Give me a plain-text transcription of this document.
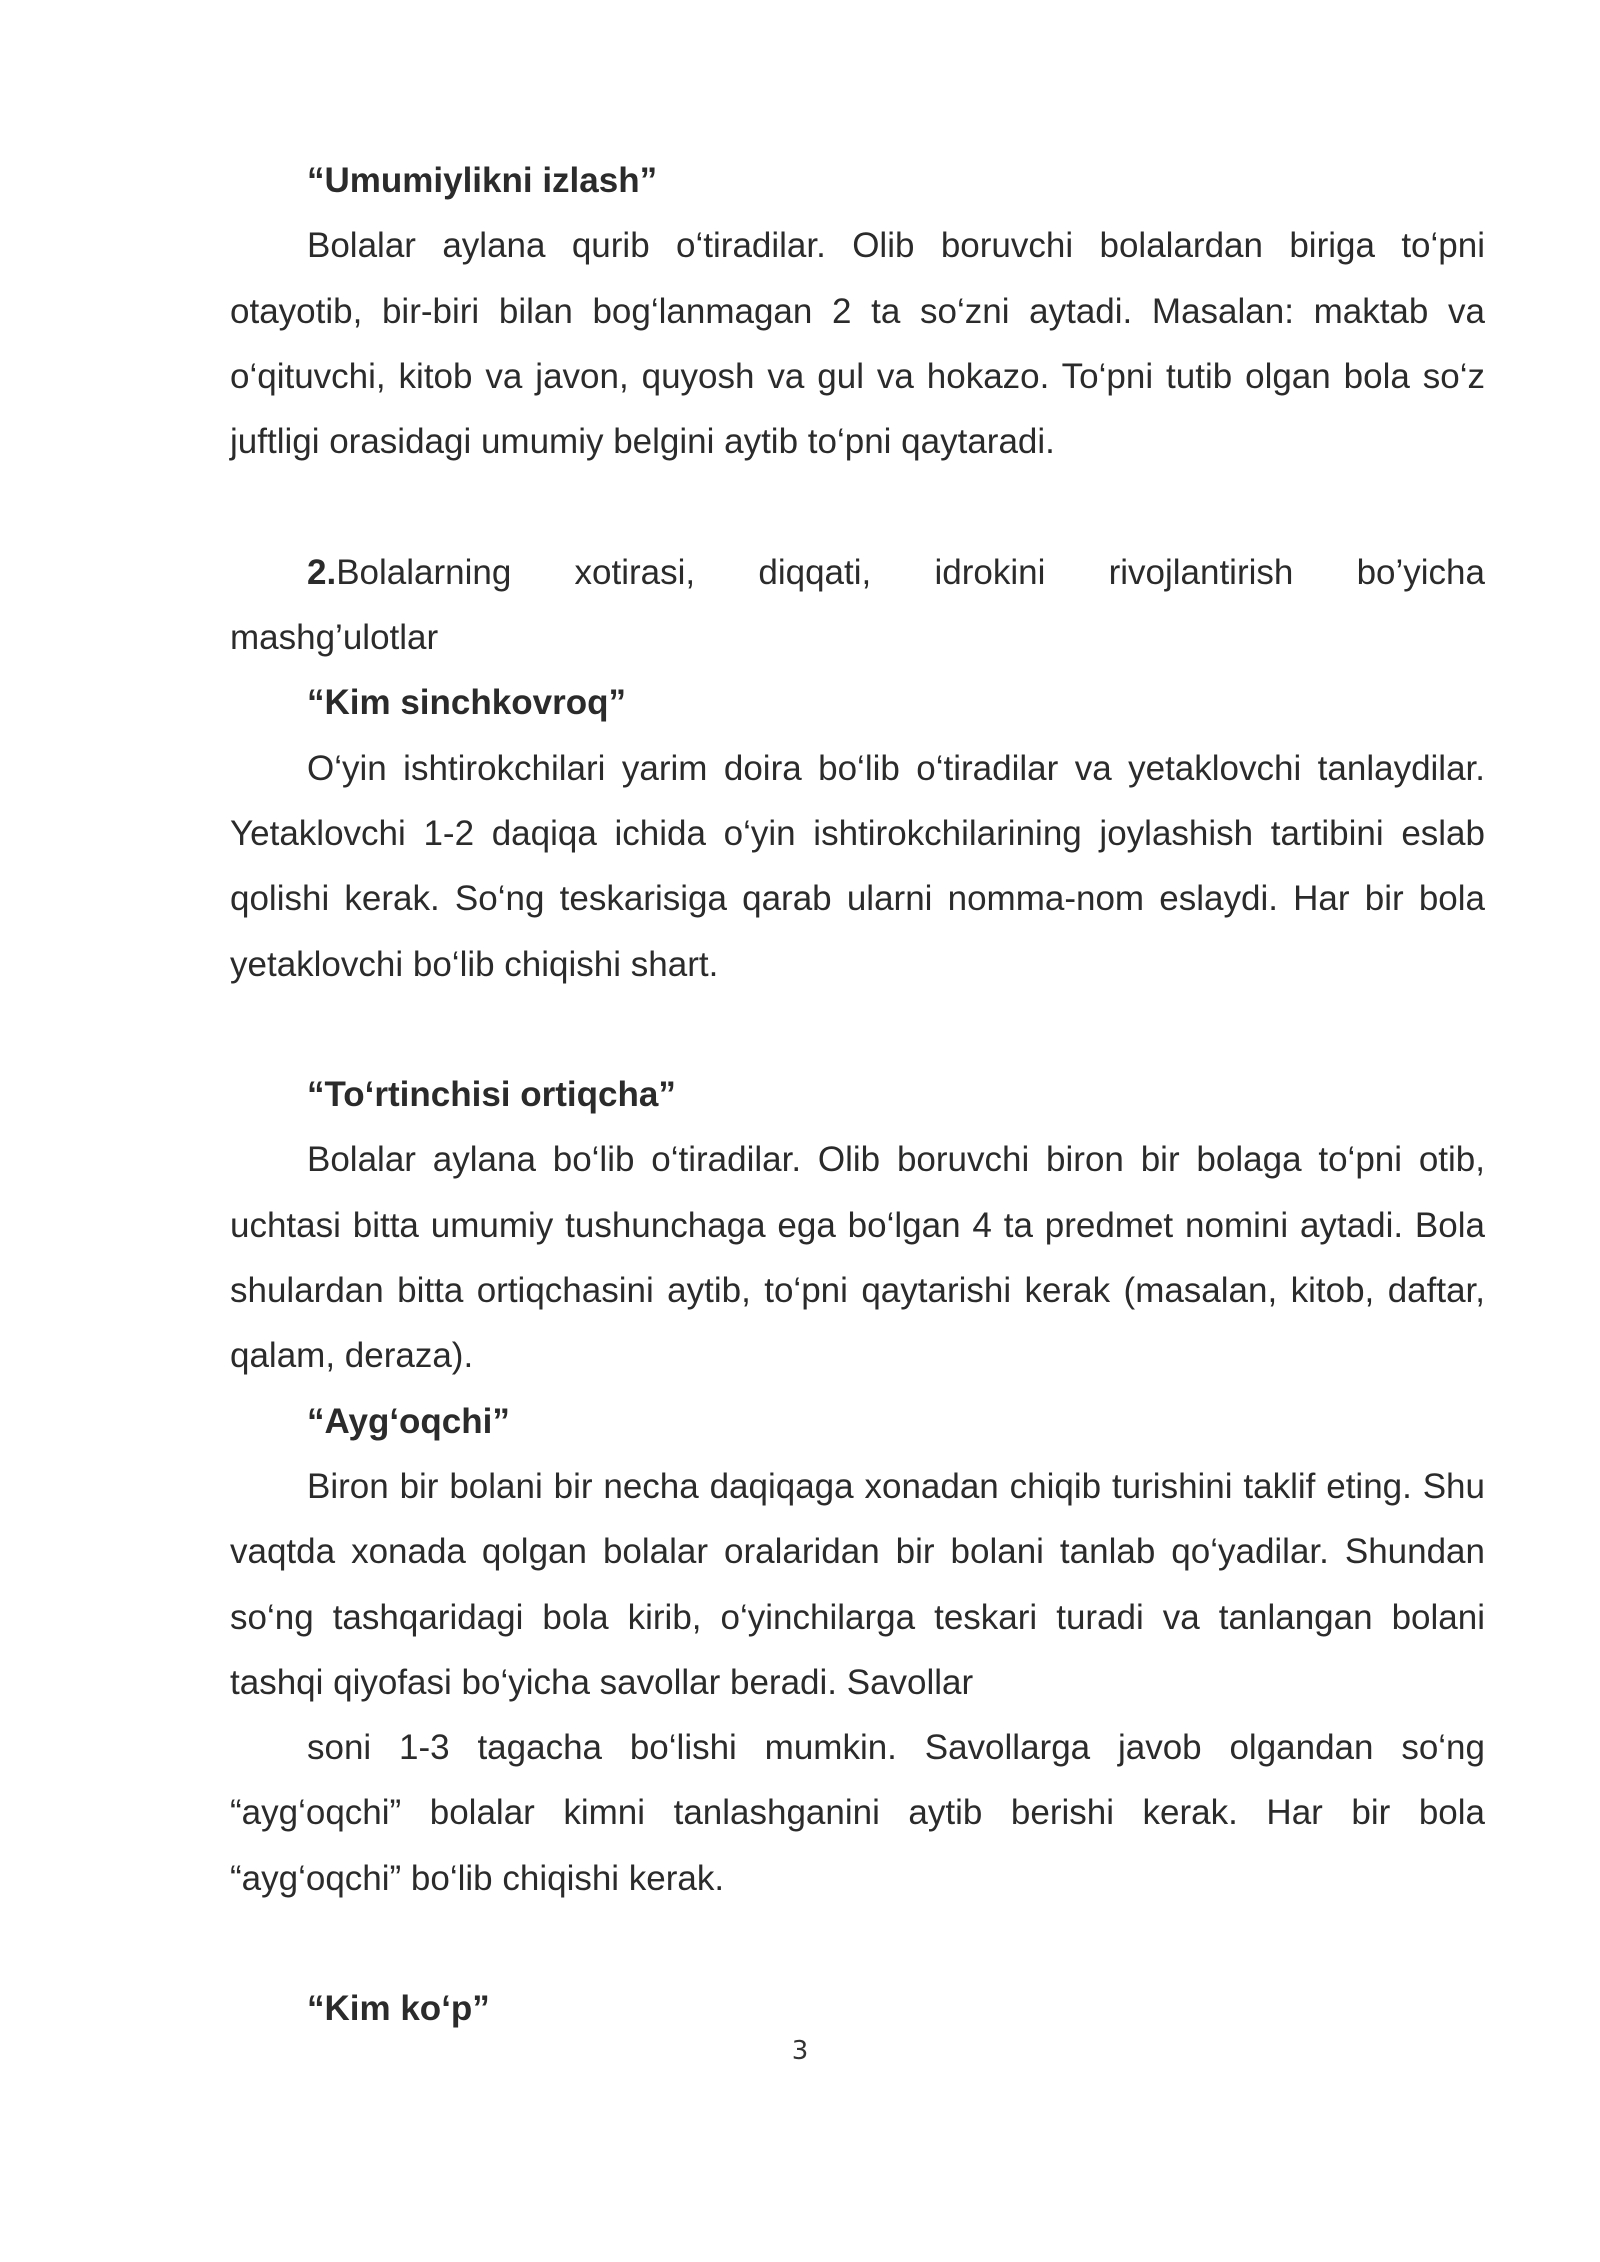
“Umumiylikni izlash”

Bolalar aylana qurib o‘tiradilar. Olib boruvchi bolalardan biriga to‘pni otayotib, bir-biri bilan bog‘lanmagan 2 ta so‘zni aytadi. Masalan: maktab va o‘qituvchi, kitob va javon, quyosh va gul va hokazo. To‘pni tutib olgan bola so‘z juftligi orasidagi umumiy belgini aytib to‘pni qaytaradi.

2.Bolalarning xotirasi, diqqati, idrokini rivojlantirish bo’yicha

mashg’ulotlar

“Kim sinchkovroq”

O‘yin ishtirokchilari yarim doira bo‘lib o‘tiradilar va yetaklovchi tanlaydilar. Yetaklovchi 1-2 daqiqa ichida o‘yin ishtirokchilarining joylashish tartibini eslab qolishi kerak. So‘ng teskarisiga qarab ularni nomma-nom eslaydi. Har bir bola yetaklovchi bo‘lib chiqishi shart.

“To‘rtinchisi ortiqcha”

Bolalar aylana bo‘lib o‘tiradilar. Olib boruvchi biron bir bolaga to‘pni otib, uchtasi bitta umumiy tushunchaga ega bo‘lgan 4 ta predmet nomini aytadi. Bola shulardan bitta ortiqchasini aytib, to‘pni qaytarishi kerak (masalan, kitob, daftar, qalam, deraza).

“Ayg‘oqchi”

Biron bir bolani bir necha daqiqaga xonadan chiqib turishini taklif eting. Shu vaqtda xonada qolgan bolalar oralaridan bir bolani tanlab qo‘yadilar. Shundan so‘ng tashqaridagi bola kirib, o‘yinchilarga teskari turadi va tanlangan bolani tashqi qiyofasi bo‘yicha savollar beradi. Savollar

soni 1-3 tagacha bo‘lishi mumkin. Savollarga javob olgandan so‘ng “ayg‘oqchi” bolalar kimni tanlashganini aytib berishi kerak. Har bir bola “ayg‘oqchi” bo‘lib chiqishi kerak.

“Kim ko‘p”
3
